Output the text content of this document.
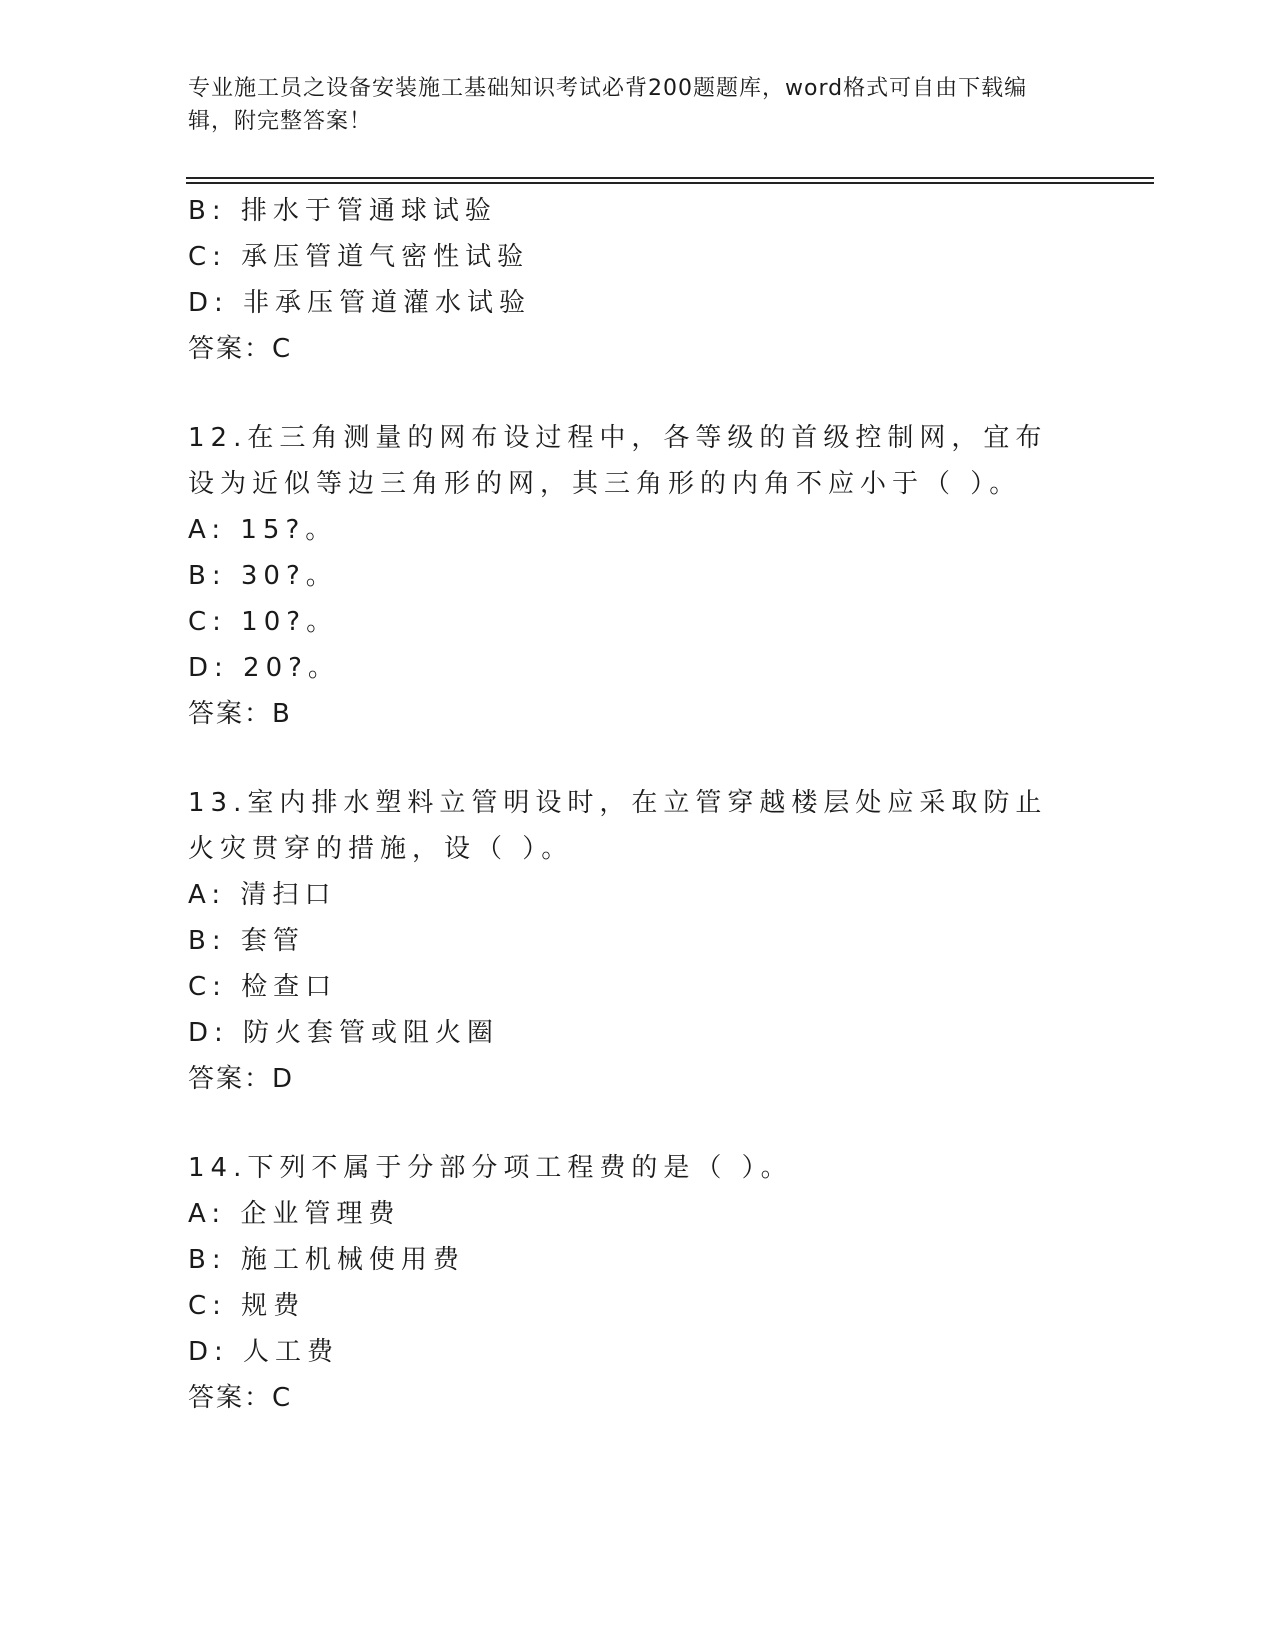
专业施工员之设备安装施工基础知识考试必背200题题库，word格式可自由下载编辑，附完整答案！
B: 排水于管通球试验
C: 承压管道气密性试验
D: 非承压管道灌水试验
答案：C
12.在三角测量的网布设过程中，各等级的首级控制网，宜布设为近似等边三角形的网，其三角形的内角不应小于（ ）。
A: 15?。
B: 30?。
C: 10?。
D: 20?。
答案：B
13.室内排水塑料立管明设时，在立管穿越楼层处应采取防止火灾贯穿的措施，设（ ）。
A: 清扫口
B: 套管
C: 检查口
D: 防火套管或阻火圈
答案：D
14.下列不属于分部分项工程费的是（ ）。
A: 企业管理费
B: 施工机械使用费
C: 规费
D: 人工费
答案：C
